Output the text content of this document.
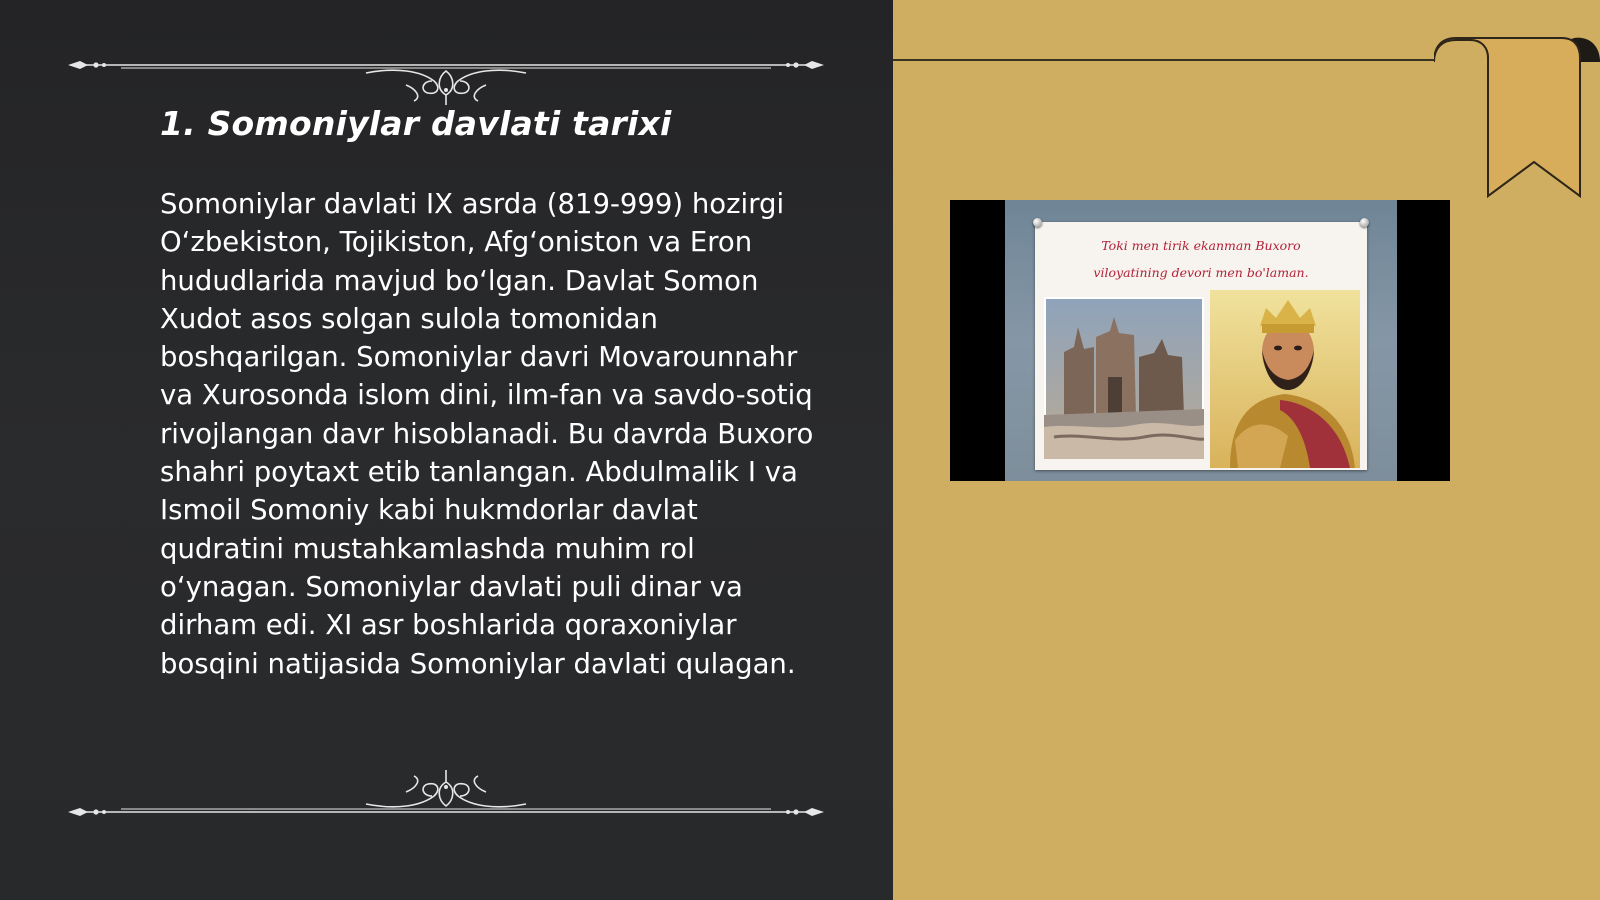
1. Somoniylar davlati tarixi

Somoniylar davlati IX asrda (819-999) hozirgi O‘zbekiston, Tojikiston, Afg‘oniston va Eron hududlarida mavjud bo‘lgan. Davlat Somon Xudot asos solgan sulola tomonidan boshqarilgan. Somoniylar davri Movarounnahr va Xurosonda islom dini, ilm-fan va savdo-sotiq rivojlangan davr hisoblanadi. Bu davrda Buxoro shahri poytaxt etib tanlangan. Abdulmalik I va Ismoil Somoniy kabi hukmdorlar davlat qudratini mustahkamlashda muhim rol o‘ynagan. Somoniylar davlati puli dinar va dirham edi. XI asr boshlarida qoraxoniylar bosqini natijasida Somoniylar davlati qulagan.

Toki men tirik ekanman Buxoro
viloyatining devori men bo'laman.
